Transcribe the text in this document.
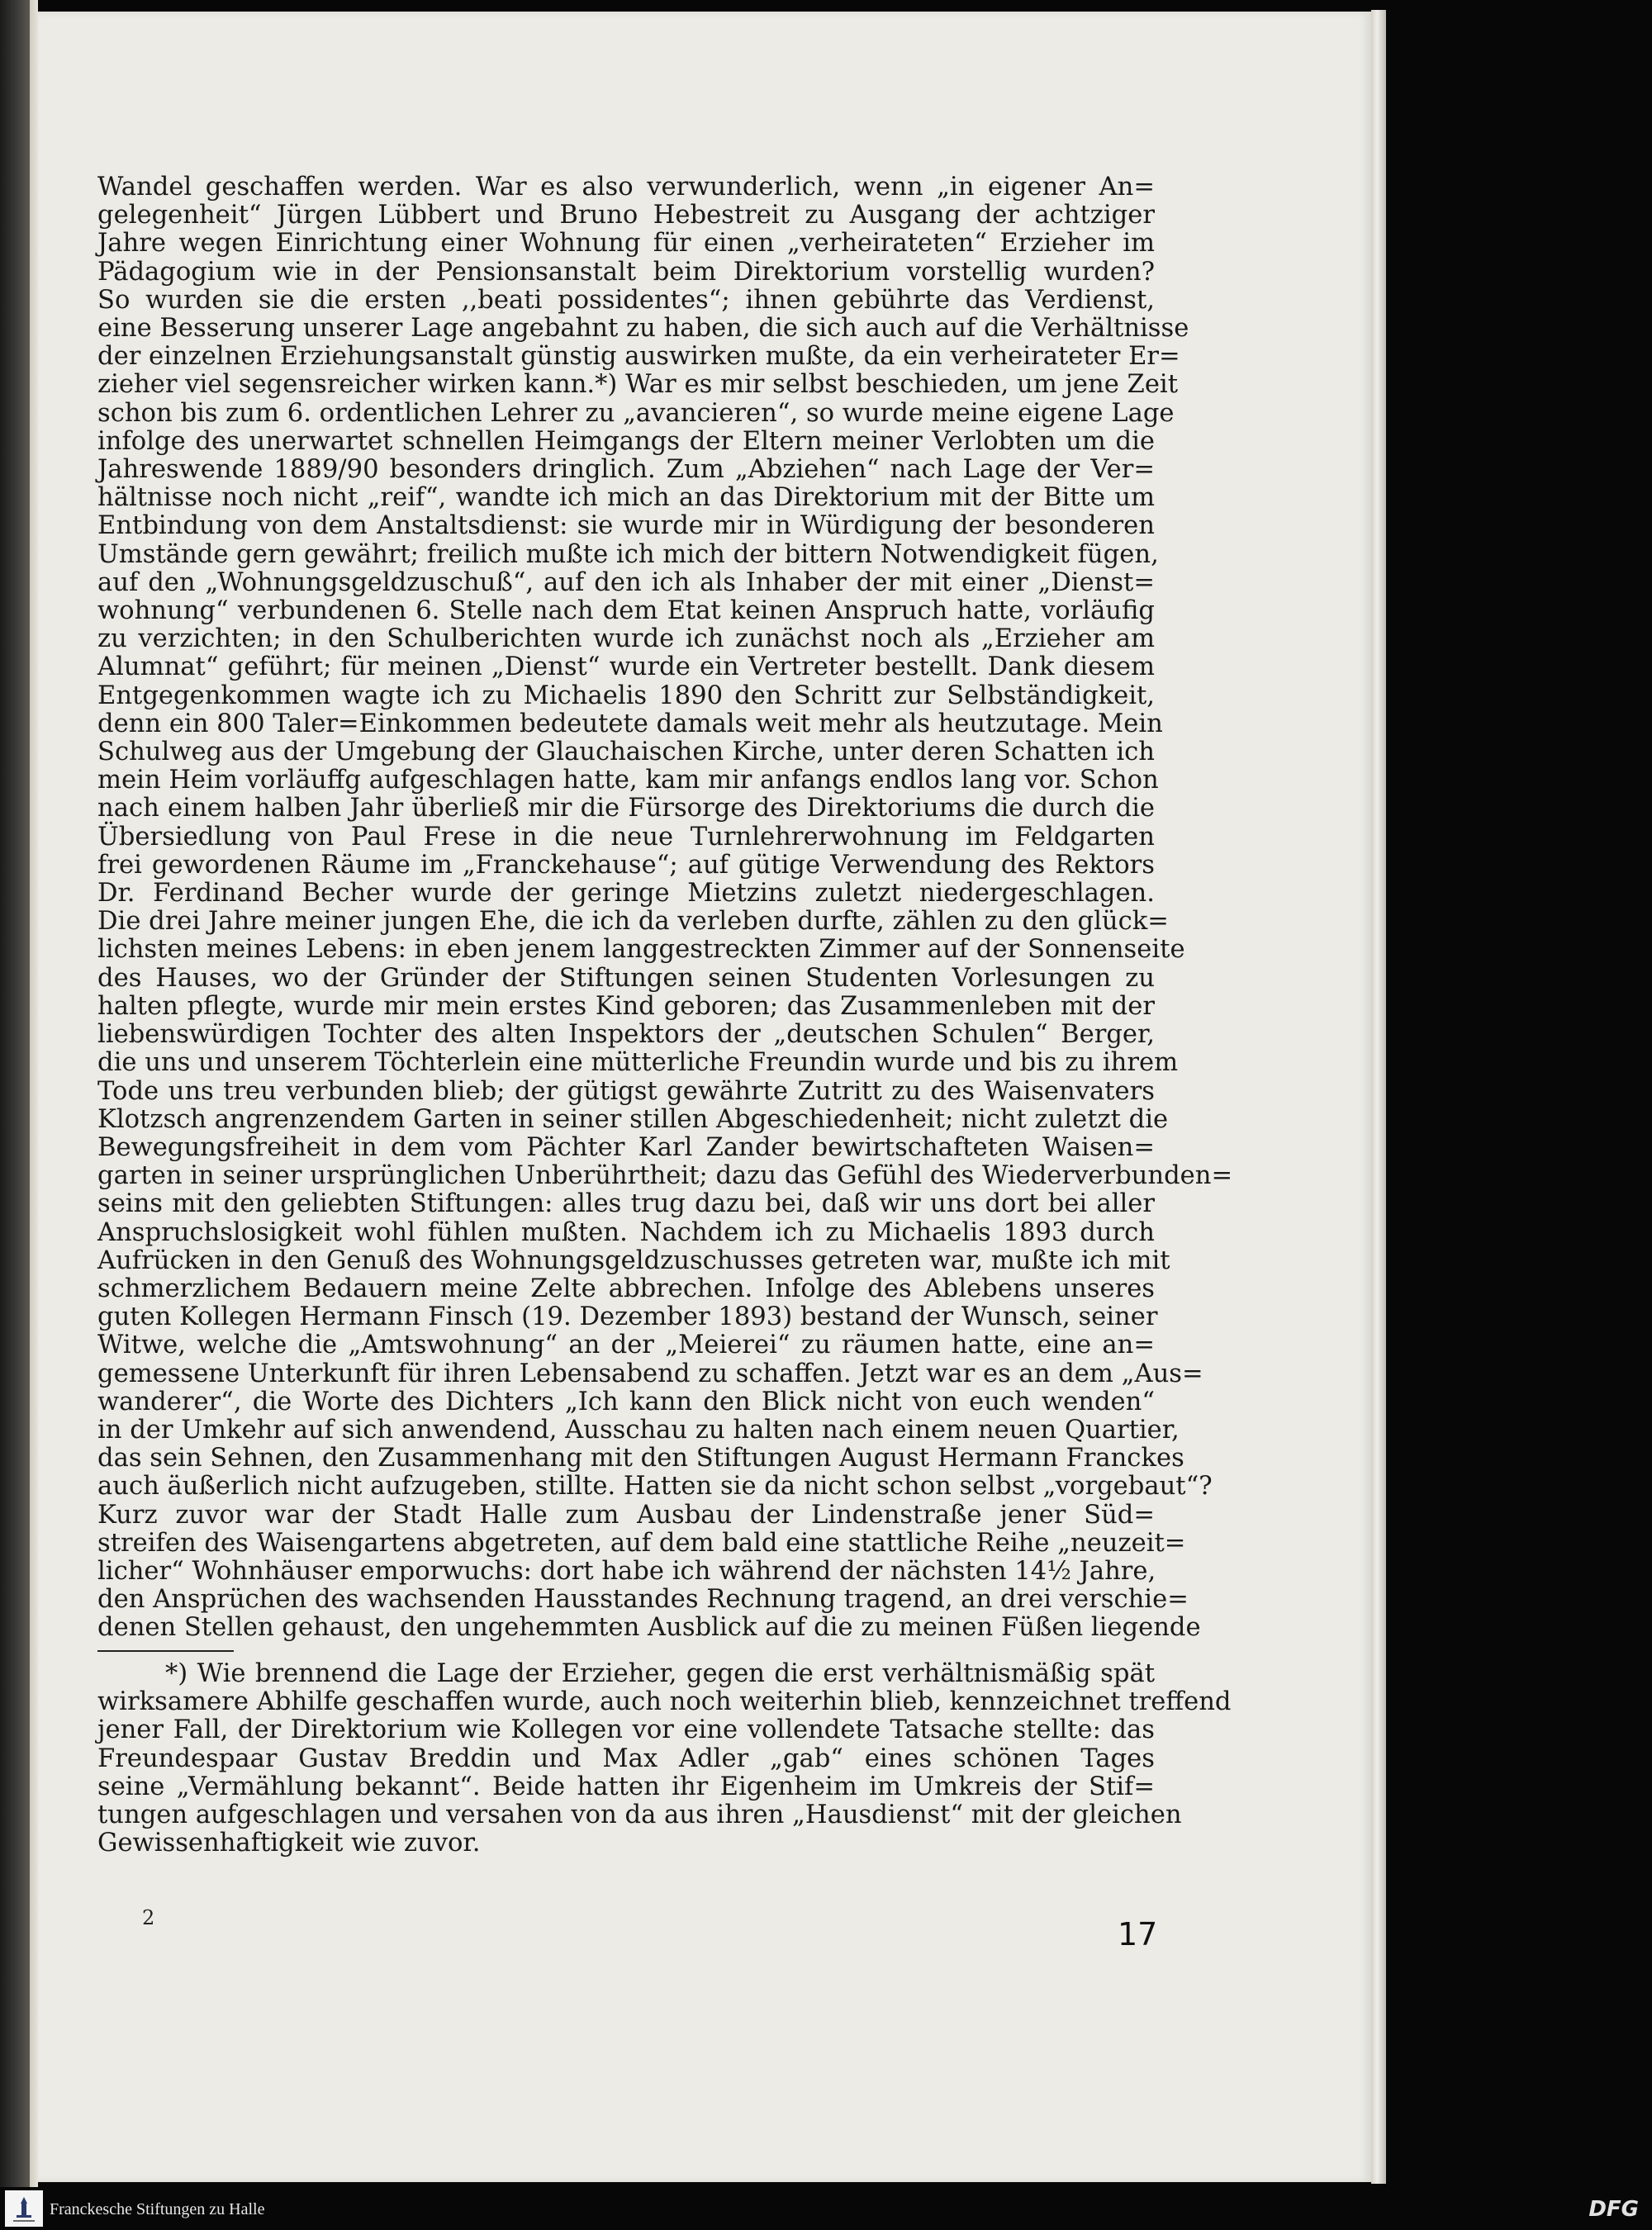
Wandel geschaffen werden. War es also verwunderlich, wenn „in eigener An=
gelegenheit“ Jürgen Lübbert und Bruno Hebestreit zu Ausgang der achtziger
Jahre wegen Einrichtung einer Wohnung für einen „verheirateten“ Erzieher im
Pädagogium wie in der Pensionsanstalt beim Direktorium vorstellig wurden?
So wurden sie die ersten ,,beati possidentes“; ihnen gebührte das Verdienst,
eine Besserung unserer Lage angebahnt zu haben, die sich auch auf die Verhältnisse
der einzelnen Erziehungsanstalt günstig auswirken mußte, da ein verheirateter Er=
zieher viel segensreicher wirken kann.*) War es mir selbst beschieden, um jene Zeit
schon bis zum 6. ordentlichen Lehrer zu „avancieren“, so wurde meine eigene Lage
infolge des unerwartet schnellen Heimgangs der Eltern meiner Verlobten um die
Jahreswende 1889/90 besonders dringlich. Zum „Abziehen“ nach Lage der Ver=
hältnisse noch nicht „reif“, wandte ich mich an das Direktorium mit der Bitte um
Entbindung von dem Anstaltsdienst: sie wurde mir in Würdigung der besonderen
Umstände gern gewährt; freilich mußte ich mich der bittern Notwendigkeit fügen,
auf den „Wohnungsgeldzuschuß“, auf den ich als Inhaber der mit einer „Dienst=
wohnung“ verbundenen 6. Stelle nach dem Etat keinen Anspruch hatte, vorläufig
zu verzichten; in den Schulberichten wurde ich zunächst noch als „Erzieher am
Alumnat“ geführt; für meinen „Dienst“ wurde ein Vertreter bestellt. Dank diesem
Entgegenkommen wagte ich zu Michaelis 1890 den Schritt zur Selbständigkeit,
denn ein 800 Taler=Einkommen bedeutete damals weit mehr als heutzutage. Mein
Schulweg aus der Umgebung der Glauchaischen Kirche, unter deren Schatten ich
mein Heim vorläuffg aufgeschlagen hatte, kam mir anfangs endlos lang vor. Schon
nach einem halben Jahr überließ mir die Fürsorge des Direktoriums die durch die
Übersiedlung von Paul Frese in die neue Turnlehrerwohnung im Feldgarten
frei gewordenen Räume im „Franckehause“; auf gütige Verwendung des Rektors
Dr. Ferdinand Becher wurde der geringe Mietzins zuletzt niedergeschlagen.
Die drei Jahre meiner jungen Ehe, die ich da verleben durfte, zählen zu den glück=
lichsten meines Lebens: in eben jenem langgestreckten Zimmer auf der Sonnenseite
des Hauses, wo der Gründer der Stiftungen seinen Studenten Vorlesungen zu
halten pflegte, wurde mir mein erstes Kind geboren; das Zusammenleben mit der
liebenswürdigen Tochter des alten Inspektors der „deutschen Schulen“ Berger,
die uns und unserem Töchterlein eine mütterliche Freundin wurde und bis zu ihrem
Tode uns treu verbunden blieb; der gütigst gewährte Zutritt zu des Waisenvaters
Klotzsch angrenzendem Garten in seiner stillen Abgeschiedenheit; nicht zuletzt die
Bewegungsfreiheit in dem vom Pächter Karl Zander bewirtschafteten Waisen=
garten in seiner ursprünglichen Unberührtheit; dazu das Gefühl des Wiederverbunden=
seins mit den geliebten Stiftungen: alles trug dazu bei, daß wir uns dort bei aller
Anspruchslosigkeit wohl fühlen mußten. Nachdem ich zu Michaelis 1893 durch
Aufrücken in den Genuß des Wohnungsgeldzuschusses getreten war, mußte ich mit
schmerzlichem Bedauern meine Zelte abbrechen. Infolge des Ablebens unseres
guten Kollegen Hermann Finsch (19. Dezember 1893) bestand der Wunsch, seiner
Witwe, welche die „Amtswohnung“ an der „Meierei“ zu räumen hatte, eine an=
gemessene Unterkunft für ihren Lebensabend zu schaffen. Jetzt war es an dem „Aus=
wanderer“, die Worte des Dichters „Ich kann den Blick nicht von euch wenden“
in der Umkehr auf sich anwendend, Ausschau zu halten nach einem neuen Quartier,
das sein Sehnen, den Zusammenhang mit den Stiftungen August Hermann Franckes
auch äußerlich nicht aufzugeben, stillte. Hatten sie da nicht schon selbst „vorgebaut“?
Kurz zuvor war der Stadt Halle zum Ausbau der Lindenstraße jener Süd=
streifen des Waisengartens abgetreten, auf dem bald eine stattliche Reihe „neuzeit=
licher“ Wohnhäuser emporwuchs: dort habe ich während der nächsten 14½ Jahre,
den Ansprüchen des wachsenden Hausstandes Rechnung tragend, an drei verschie=
denen Stellen gehaust, den ungehemmten Ausblick auf die zu meinen Füßen liegende
*) Wie brennend die Lage der Erzieher, gegen die erst verhältnismäßig spät
wirksamere Abhilfe geschaffen wurde, auch noch weiterhin blieb, kennzeichnet treffend
jener Fall, der Direktorium wie Kollegen vor eine vollendete Tatsache stellte: das
Freundespaar Gustav Breddin und Max Adler „gab“ eines schönen Tages
seine „Vermählung bekannt“. Beide hatten ihr Eigenheim im Umkreis der Stif=
tungen aufgeschlagen und versahen von da aus ihren „Hausdienst“ mit der gleichen
Gewissenhaftigkeit wie zuvor.
2	17
Franckesche Stiftungen zu Halle	DFG
